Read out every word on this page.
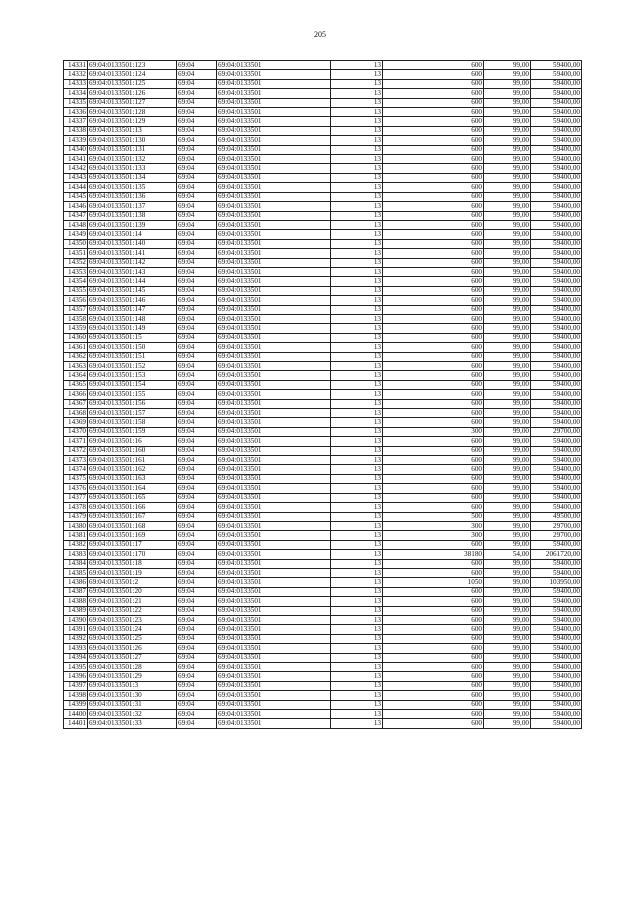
205
14331	69:04:0133501:123	69:04	69:04:0133501	13	600	99,00	59400,00
14332	69:04:0133501:124	69:04	69:04:0133501	13	600	99,00	59400,00
14333	69:04:0133501:125	69:04	69:04:0133501	13	600	99,00	59400,00
14334	69:04:0133501:126	69:04	69:04:0133501	13	600	99,00	59400,00
14335	69:04:0133501:127	69:04	69:04:0133501	13	600	99,00	59400,00
14336	69:04:0133501:128	69:04	69:04:0133501	13	600	99,00	59400,00
14337	69:04:0133501:129	69:04	69:04:0133501	13	600	99,00	59400,00
14338	69:04:0133501:13	69:04	69:04:0133501	13	600	99,00	59400,00
14339	69:04:0133501:130	69:04	69:04:0133501	13	600	99,00	59400,00
14340	69:04:0133501:131	69:04	69:04:0133501	13	600	99,00	59400,00
14341	69:04:0133501:132	69:04	69:04:0133501	13	600	99,00	59400,00
14342	69:04:0133501:133	69:04	69:04:0133501	13	600	99,00	59400,00
14343	69:04:0133501:134	69:04	69:04:0133501	13	600	99,00	59400,00
14344	69:04:0133501:135	69:04	69:04:0133501	13	600	99,00	59400,00
14345	69:04:0133501:136	69:04	69:04:0133501	13	600	99,00	59400,00
14346	69:04:0133501:137	69:04	69:04:0133501	13	600	99,00	59400,00
14347	69:04:0133501:138	69:04	69:04:0133501	13	600	99,00	59400,00
14348	69:04:0133501:139	69:04	69:04:0133501	13	600	99,00	59400,00
14349	69:04:0133501:14	69:04	69:04:0133501	13	600	99,00	59400,00
14350	69:04:0133501:140	69:04	69:04:0133501	13	600	99,00	59400,00
14351	69:04:0133501:141	69:04	69:04:0133501	13	600	99,00	59400,00
14352	69:04:0133501:142	69:04	69:04:0133501	13	600	99,00	59400,00
14353	69:04:0133501:143	69:04	69:04:0133501	13	600	99,00	59400,00
14354	69:04:0133501:144	69:04	69:04:0133501	13	600	99,00	59400,00
14355	69:04:0133501:145	69:04	69:04:0133501	13	600	99,00	59400,00
14356	69:04:0133501:146	69:04	69:04:0133501	13	600	99,00	59400,00
14357	69:04:0133501:147	69:04	69:04:0133501	13	600	99,00	59400,00
14358	69:04:0133501:148	69:04	69:04:0133501	13	600	99,00	59400,00
14359	69:04:0133501:149	69:04	69:04:0133501	13	600	99,00	59400,00
14360	69:04:0133501:15	69:04	69:04:0133501	13	600	99,00	59400,00
14361	69:04:0133501:150	69:04	69:04:0133501	13	600	99,00	59400,00
14362	69:04:0133501:151	69:04	69:04:0133501	13	600	99,00	59400,00
14363	69:04:0133501:152	69:04	69:04:0133501	13	600	99,00	59400,00
14364	69:04:0133501:153	69:04	69:04:0133501	13	600	99,00	59400,00
14365	69:04:0133501:154	69:04	69:04:0133501	13	600	99,00	59400,00
14366	69:04:0133501:155	69:04	69:04:0133501	13	600	99,00	59400,00
14367	69:04:0133501:156	69:04	69:04:0133501	13	600	99,00	59400,00
14368	69:04:0133501:157	69:04	69:04:0133501	13	600	99,00	59400,00
14369	69:04:0133501:158	69:04	69:04:0133501	13	600	99,00	59400,00
14370	69:04:0133501:159	69:04	69:04:0133501	13	300	99,00	29700,00
14371	69:04:0133501:16	69:04	69:04:0133501	13	600	99,00	59400,00
14372	69:04:0133501:160	69:04	69:04:0133501	13	600	99,00	59400,00
14373	69:04:0133501:161	69:04	69:04:0133501	13	600	99,00	59400,00
14374	69:04:0133501:162	69:04	69:04:0133501	13	600	99,00	59400,00
14375	69:04:0133501:163	69:04	69:04:0133501	13	600	99,00	59400,00
14376	69:04:0133501:164	69:04	69:04:0133501	13	600	99,00	59400,00
14377	69:04:0133501:165	69:04	69:04:0133501	13	600	99,00	59400,00
14378	69:04:0133501:166	69:04	69:04:0133501	13	600	99,00	59400,00
14379	69:04:0133501:167	69:04	69:04:0133501	13	500	99,00	49500,00
14380	69:04:0133501:168	69:04	69:04:0133501	13	300	99,00	29700,00
14381	69:04:0133501:169	69:04	69:04:0133501	13	300	99,00	29700,00
14382	69:04:0133501:17	69:04	69:04:0133501	13	600	99,00	59400,00
14383	69:04:0133501:170	69:04	69:04:0133501	13	38180	54,00	2061720,00
14384	69:04:0133501:18	69:04	69:04:0133501	13	600	99,00	59400,00
14385	69:04:0133501:19	69:04	69:04:0133501	13	600	99,00	59400,00
14386	69:04:0133501:2	69:04	69:04:0133501	13	1050	99,00	103950,00
14387	69:04:0133501:20	69:04	69:04:0133501	13	600	99,00	59400,00
14388	69:04:0133501:21	69:04	69:04:0133501	13	600	99,00	59400,00
14389	69:04:0133501:22	69:04	69:04:0133501	13	600	99,00	59400,00
14390	69:04:0133501:23	69:04	69:04:0133501	13	600	99,00	59400,00
14391	69:04:0133501:24	69:04	69:04:0133501	13	600	99,00	59400,00
14392	69:04:0133501:25	69:04	69:04:0133501	13	600	99,00	59400,00
14393	69:04:0133501:26	69:04	69:04:0133501	13	600	99,00	59400,00
14394	69:04:0133501:27	69:04	69:04:0133501	13	600	99,00	59400,00
14395	69:04:0133501:28	69:04	69:04:0133501	13	600	99,00	59400,00
14396	69:04:0133501:29	69:04	69:04:0133501	13	600	99,00	59400,00
14397	69:04:0133501:3	69:04	69:04:0133501	13	600	99,00	59400,00
14398	69:04:0133501:30	69:04	69:04:0133501	13	600	99,00	59400,00
14399	69:04:0133501:31	69:04	69:04:0133501	13	600	99,00	59400,00
14400	69:04:0133501:32	69:04	69:04:0133501	13	600	99,00	59400,00
14401	69:04:0133501:33	69:04	69:04:0133501	13	600	99,00	59400,00
